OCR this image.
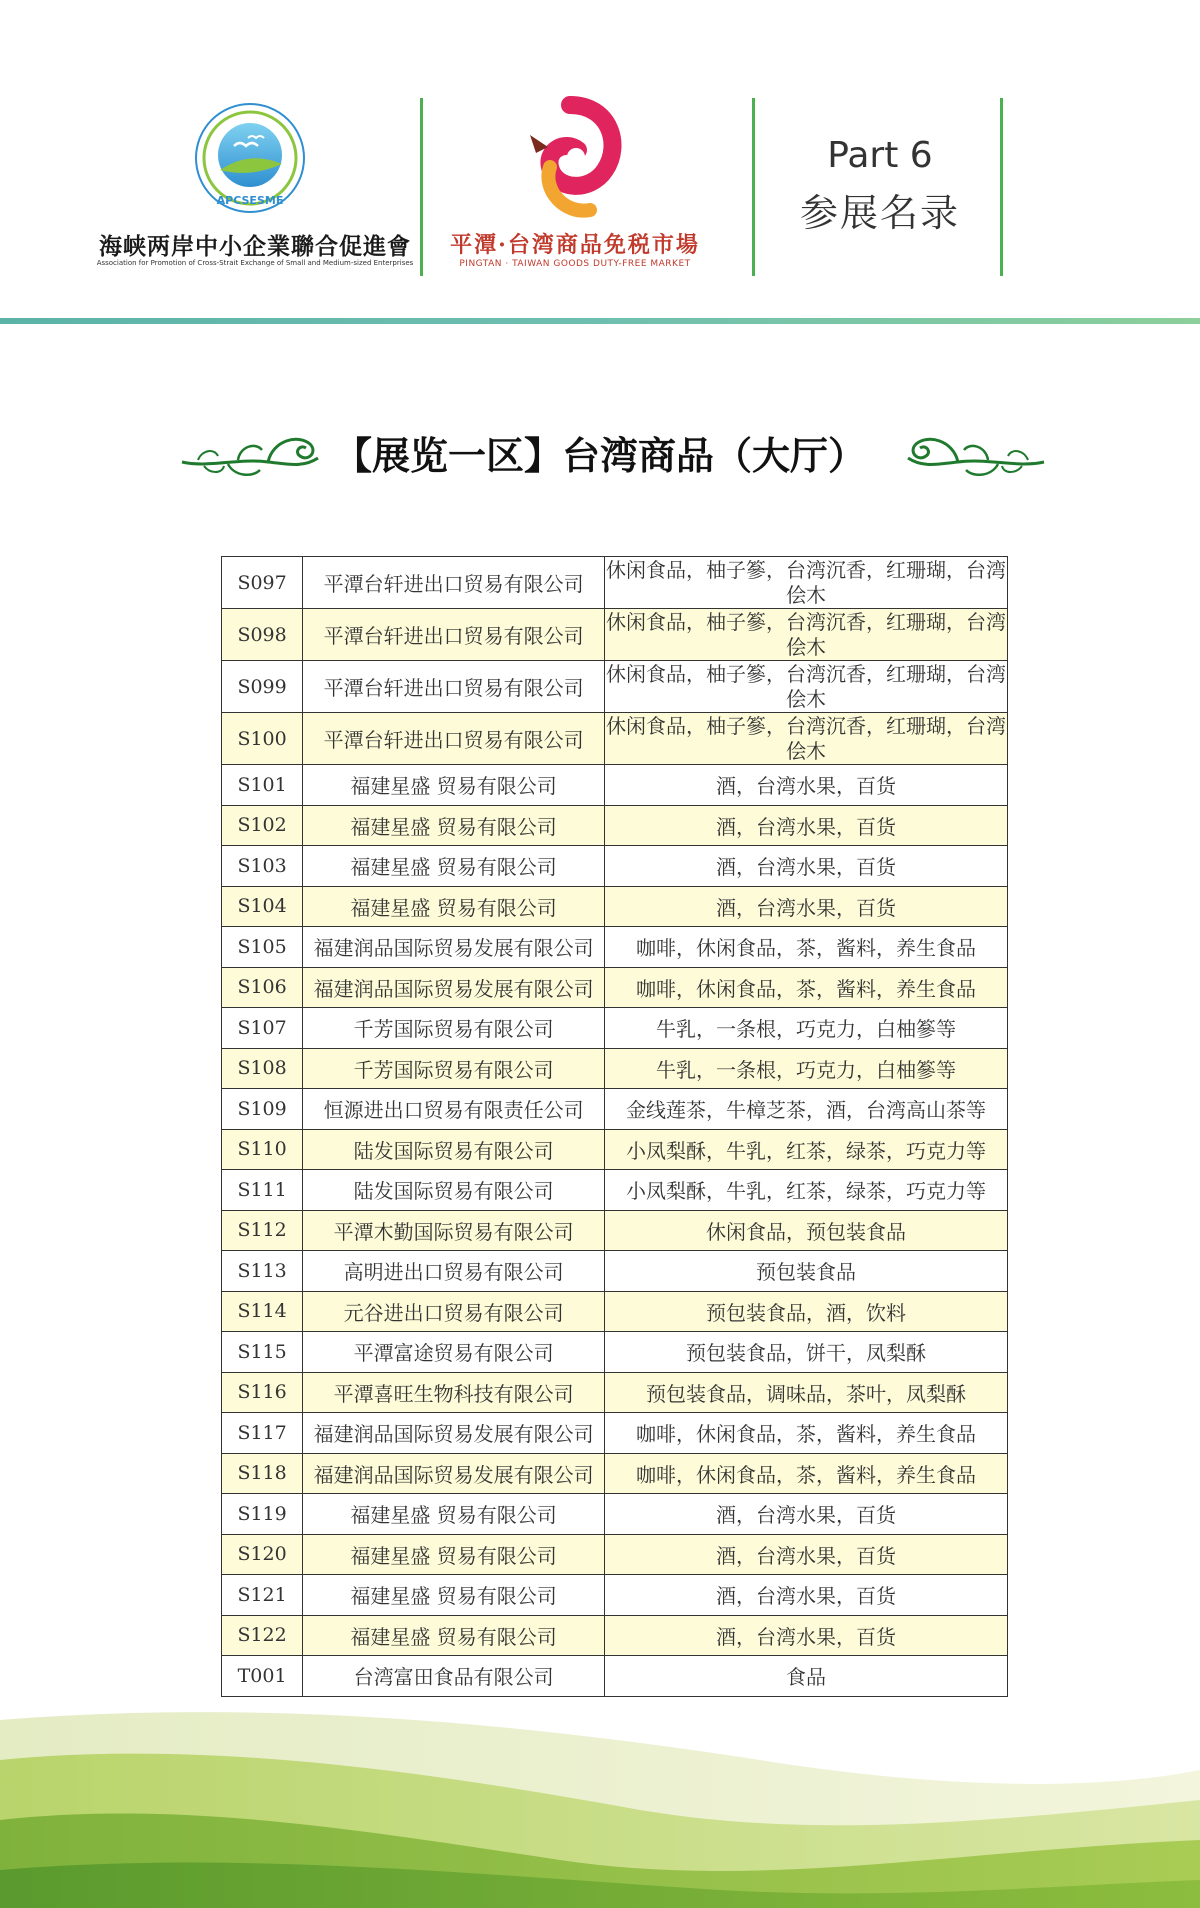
APCSESME
海峡两岸中小企業聯合促進會
Association for Promotion of Cross-Strait Exchange of Small and Medium-sized Enterprises
平潭·台湾商品免税市場
PINGTAN · TAIWAN GOODS DUTY-FREE MARKET
Part 6
参展名录
【展览一区】台湾商品（大厅）
S097	平潭台轩进出口贸易有限公司	休闲食品，柚子篸，台湾沉香，红珊瑚，台湾侩木
S098	平潭台轩进出口贸易有限公司	休闲食品，柚子篸，台湾沉香，红珊瑚，台湾侩木
S099	平潭台轩进出口贸易有限公司	休闲食品，柚子篸，台湾沉香，红珊瑚，台湾侩木
S100	平潭台轩进出口贸易有限公司	休闲食品，柚子篸，台湾沉香，红珊瑚，台湾侩木
S101	福建星盛 贸易有限公司	酒，台湾水果，百货
S102	福建星盛 贸易有限公司	酒，台湾水果，百货
S103	福建星盛 贸易有限公司	酒，台湾水果，百货
S104	福建星盛 贸易有限公司	酒，台湾水果，百货
S105	福建润品国际贸易发展有限公司	咖啡，休闲食品，茶，酱料，养生食品
S106	福建润品国际贸易发展有限公司	咖啡，休闲食品，茶，酱料，养生食品
S107	千芳国际贸易有限公司	牛乳，一条根，巧克力，白柚篸等
S108	千芳国际贸易有限公司	牛乳，一条根，巧克力，白柚篸等
S109	恒源进出口贸易有限责任公司	金线莲茶，牛樟芝茶，酒，台湾高山茶等
S110	陆发国际贸易有限公司	小凤梨酥，牛乳，红茶，绿茶，巧克力等
S111	陆发国际贸易有限公司	小凤梨酥，牛乳，红茶，绿茶，巧克力等
S112	平潭木勤国际贸易有限公司	休闲食品，预包装食品
S113	高明进出口贸易有限公司	预包装食品
S114	元谷进出口贸易有限公司	预包装食品，酒，饮料
S115	平潭富途贸易有限公司	预包装食品，饼干，凤梨酥
S116	平潭喜旺生物科技有限公司	预包装食品，调味品，茶叶，凤梨酥
S117	福建润品国际贸易发展有限公司	咖啡，休闲食品，茶，酱料，养生食品
S118	福建润品国际贸易发展有限公司	咖啡，休闲食品，茶，酱料，养生食品
S119	福建星盛 贸易有限公司	酒，台湾水果，百货
S120	福建星盛 贸易有限公司	酒，台湾水果，百货
S121	福建星盛 贸易有限公司	酒，台湾水果，百货
S122	福建星盛 贸易有限公司	酒，台湾水果，百货
T001	台湾富田食品有限公司	食品
